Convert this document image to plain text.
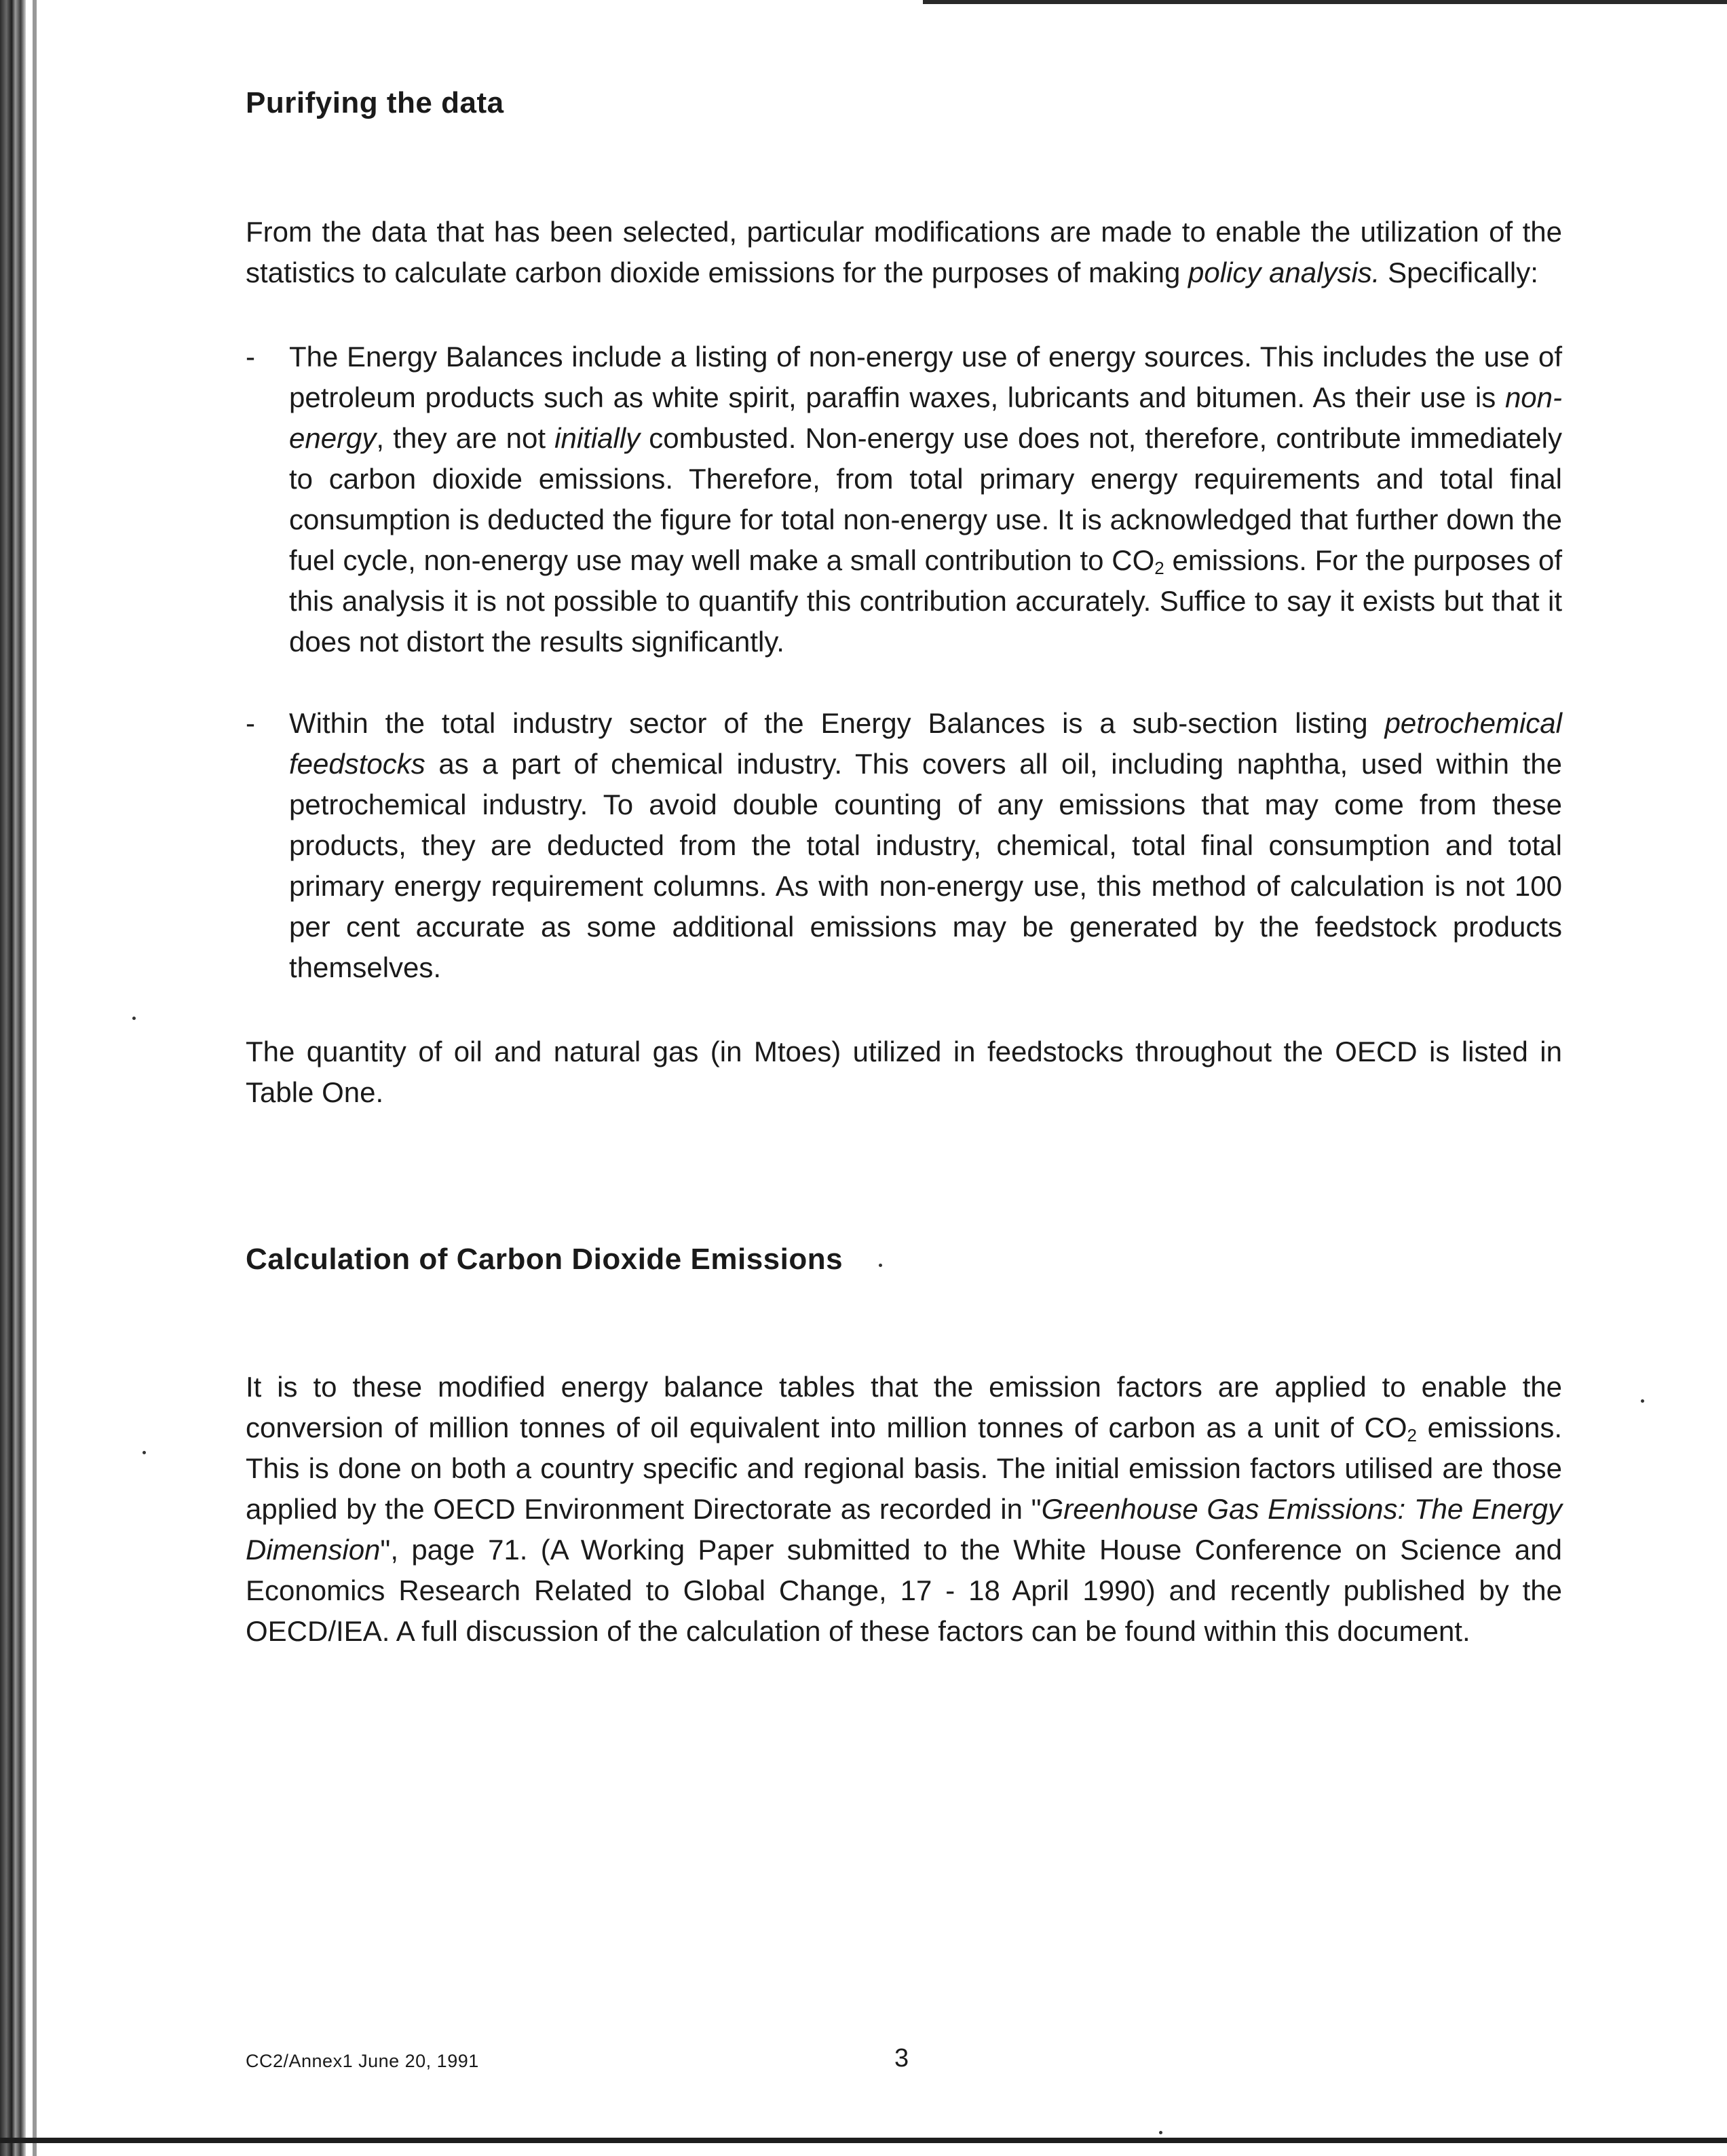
Purifying the data

From the data that has been selected, particular modifications are made to enable the utilization of the statistics to calculate carbon dioxide emissions for the purposes of making policy analysis. Specifically:

- The Energy Balances include a listing of non-energy use of energy sources. This includes the use of petroleum products such as white spirit, paraffin waxes, lubricants and bitumen. As their use is non-energy, they are not initially combusted. Non-energy use does not, therefore, contribute immediately to carbon dioxide emissions. Therefore, from total primary energy requirements and total final consumption is deducted the figure for total non-energy use. It is acknowledged that further down the fuel cycle, non-energy use may well make a small contribution to $CO_2$ emissions. For the purposes of this analysis it is not possible to quantify this contribution accurately. Suffice to say it exists but that it does not distort the results significantly.
- Within the total industry sector of the Energy Balances is a sub-section listing petrochemical feedstocks as a part of chemical industry. This covers all oil, including naphtha, used within the petrochemical industry. To avoid double counting of any emissions that may come from these products, they are deducted from the total industry, chemical, total final consumption and total primary energy requirement columns. As with non-energy use, this method of calculation is not 100 per cent accurate as some additional emissions may be generated by the feedstock products themselves.

The quantity of oil and natural gas (in Mtoes) utilized in feedstocks throughout the OECD is listed in Table One.

Calculation of Carbon Dioxide Emissions

It is to these modified energy balance tables that the emission factors are applied to enable the conversion of million tonnes of oil equivalent into million tonnes of carbon as a unit of $CO_2$ emissions. This is done on both a country specific and regional basis. The initial emission factors utilised are those applied by the OECD Environment Directorate as recorded in "Greenhouse Gas Emissions: The Energy Dimension", page 71. (A Working Paper submitted to the White House Conference on Science and Economics Research Related to Global Change, 17 - 18 April 1990) and recently published by the OECD/IEA. A full discussion of the calculation of these factors can be found within this document.

CC2/Annex1 June 20, 1991	3
